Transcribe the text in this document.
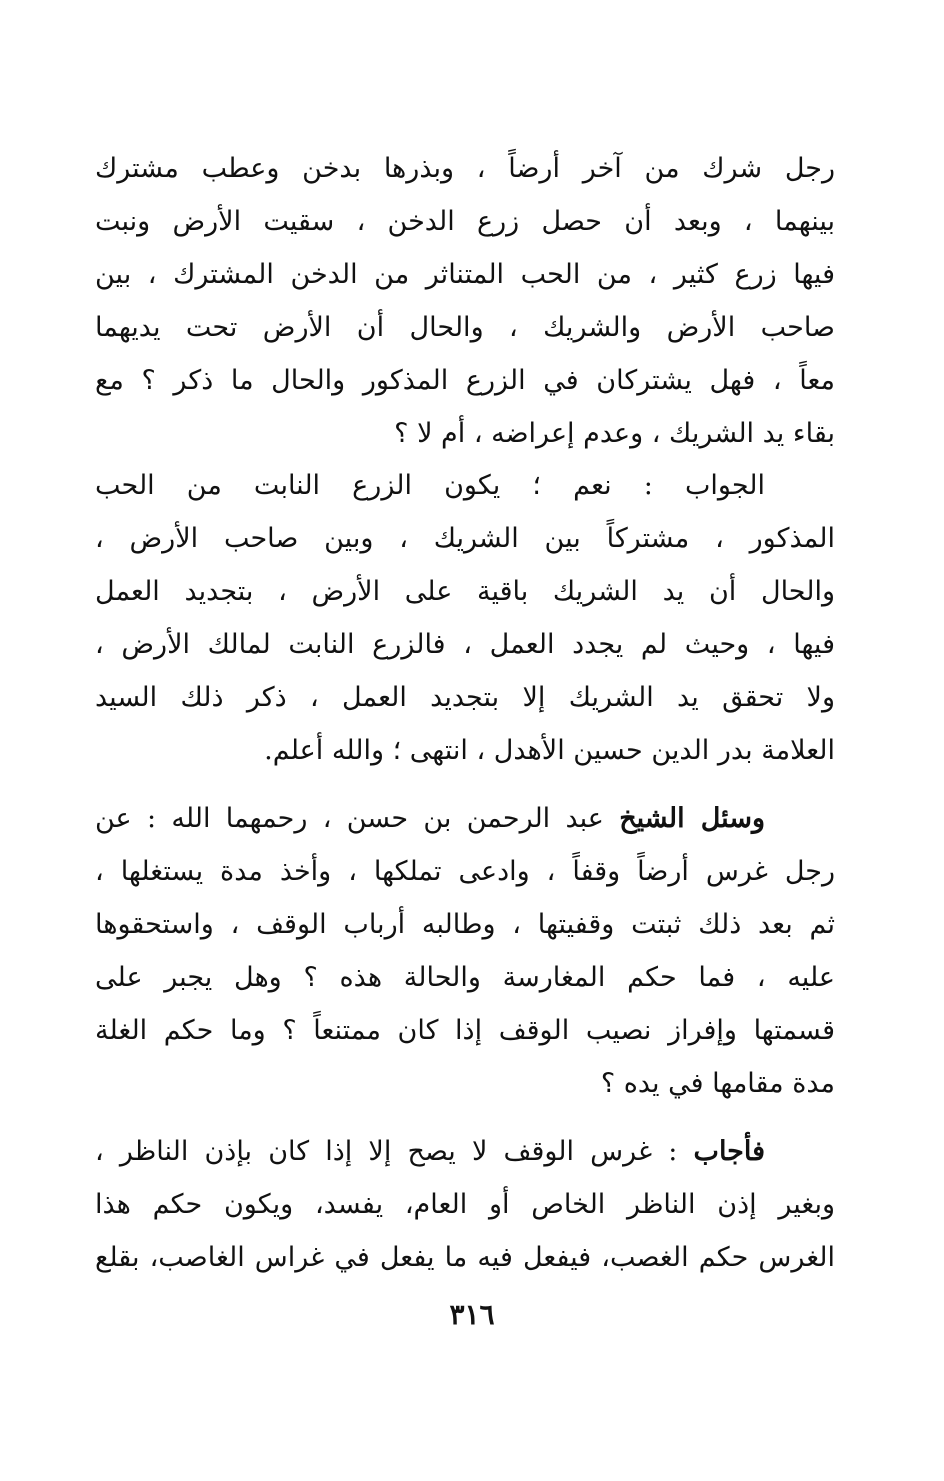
رجل شرك من آخر أرضاً ، وبذرها بدخن وعطب مشترك
بينهما ، وبعد أن حصل زرع الدخن ، سقيت الأرض ونبت
فيها زرع كثير ، من الحب المتناثر من الدخن المشترك ، بين
صاحب الأرض والشريك ، والحال أن الأرض تحت يديهما
معاً ، فهل يشتركان في الزرع المذكور والحال ما ذكر ؟ مع
بقاء يد الشريك ، وعدم إعراضه ، أم لا ؟
الجواب : نعم ؛ يكون الزرع النابت من الحب
المذكور ، مشتركاً بين الشريك ، وبين صاحب الأرض ،
والحال أن يد الشريك باقية على الأرض ، بتجديد العمل
فيها ، وحيث لم يجدد العمل ، فالزرع النابت لمالك الأرض ،
ولا تحقق يد الشريك إلا بتجديد العمل ، ذكر ذلك السيد
العلامة بدر الدين حسين الأهدل ، انتهى ؛ والله أعلم.
وسئل الشيخ عبد الرحمن بن حسن ، رحمهما الله : عن
رجل غرس أرضاً وقفاً ، وادعى تملكها ، وأخذ مدة يستغلها ،
ثم بعد ذلك ثبتت وقفيتها ، وطالبه أرباب الوقف ، واستحقوها
عليه ، فما حكم المغارسة والحالة هذه ؟ وهل يجبر على
قسمتها وإفراز نصيب الوقف إذا كان ممتنعاً ؟ وما حكم الغلة
مدة مقامها في يده ؟
فأجاب : غرس الوقف لا يصح إلا إذا كان بإذن الناظر ،
وبغير إذن الناظر الخاص أو العام، يفسد، ويكون حكم هذا
الغرس حكم الغصب، فيفعل فيه ما يفعل في غراس الغاصب، بقلع
٣١٦
